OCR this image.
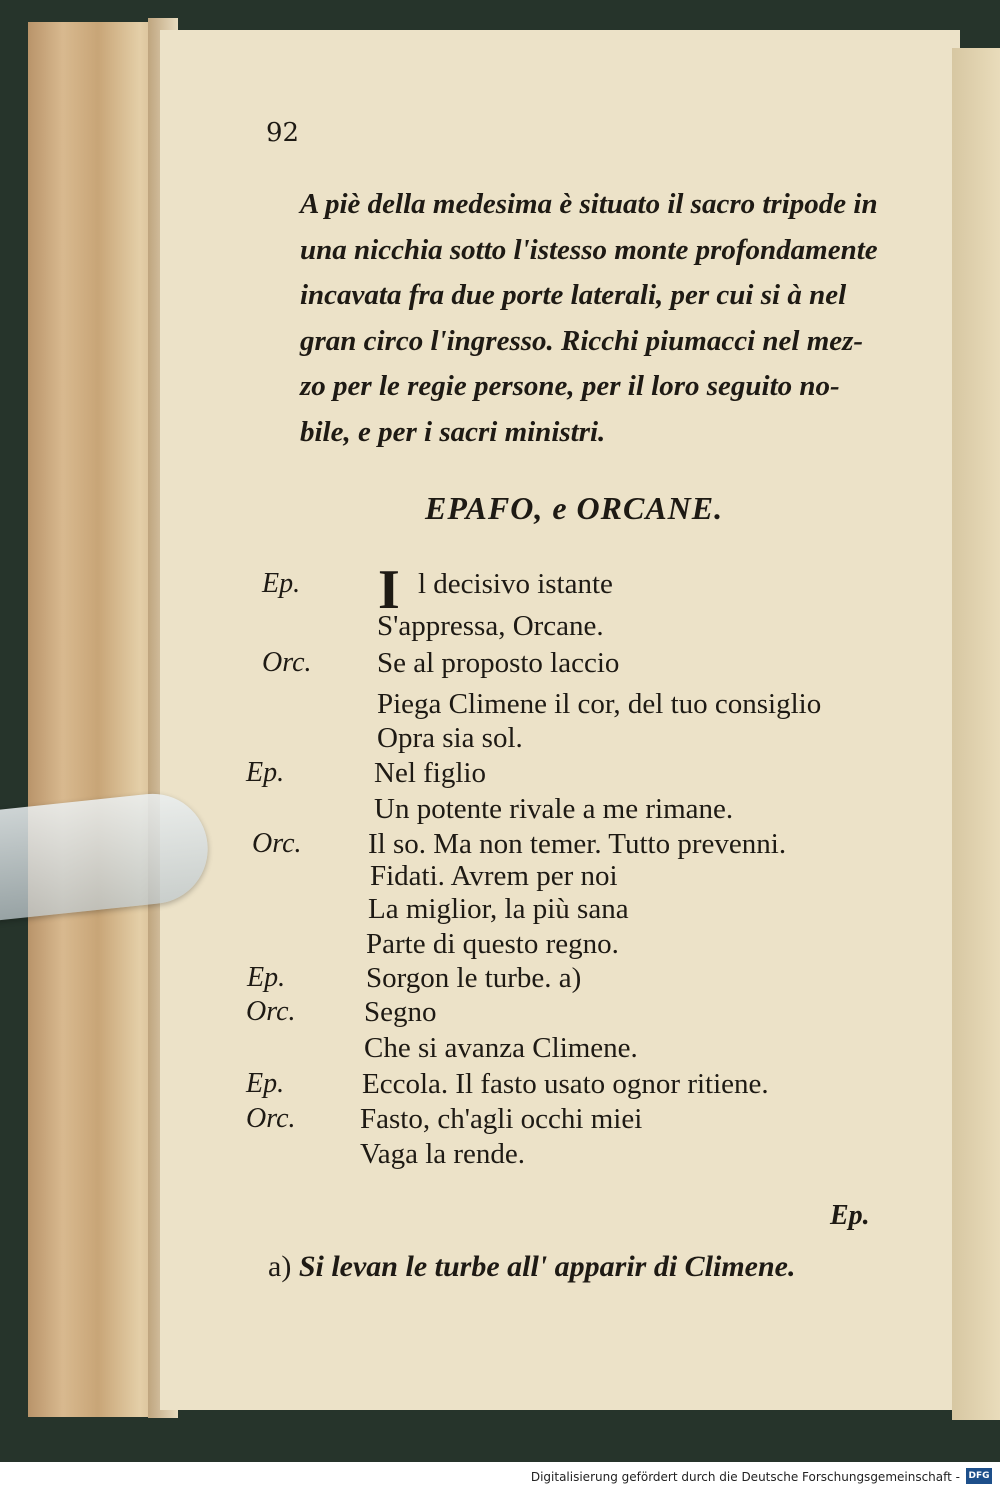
92
A piè della medesima è situato il sacro tripode in
una nicchia sotto l'istesso monte profondamente
incavata fra due porte laterali, per cui si à nel
gran circo l'ingresso. Ricchi piumacci nel mez-
zo per le regie persone, per il loro seguito no-
bile, e per i sacri ministri.
EPAFO, e ORCANE.
Ep.	l decisivo istante
S'appressa, Orcane.
Orc. Se al proposto laccio
Piega Climene il cor, del tuo consiglio
Opra sia sol.
Ep.	Nel figlio
Un potente rivale a me rimane.
Orc. Il so. Ma non temer. Tutto prevenni.
Fidati. Avrem per noi
La miglior, la più sana
Parte di questo regno.
Ep.	Sorgon le turbe. a)
Orc. Segno
Che si avanza Climene.
Ep.	Eccola. Il fasto usato ognor ritiene.
Orc. Fasto, ch'agli occhi miei
Vaga la rende.
Ep.
a) Si levan le turbe all' apparir di Climene.
Digitalisierung gefördert durch die Deutsche Forschungsgemeinschaft - DFG
